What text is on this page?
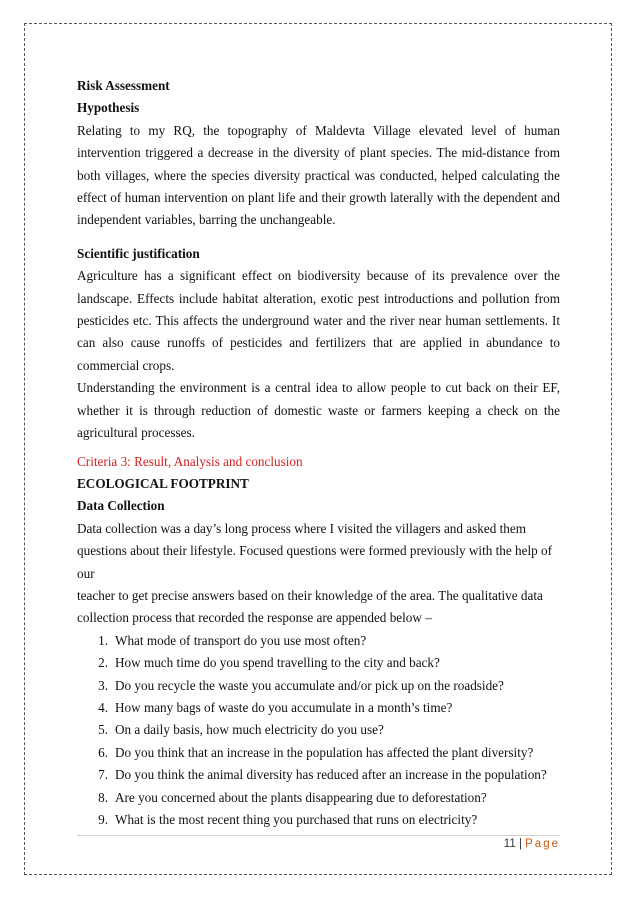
Risk Assessment

Hypothesis

Relating to my RQ, the topography of Maldevta Village elevated level of human intervention triggered a decrease in the diversity of plant species. The mid-distance from both villages, where the species diversity practical was conducted, helped calculating the effect of human intervention on plant life and their growth laterally with the dependent and independent variables, barring the unchangeable.

Scientific justification

Agriculture has a significant effect on biodiversity because of its prevalence over the landscape. Effects include habitat alteration, exotic pest introductions and pollution from pesticides etc. This affects the underground water and the river near human settlements. It can also cause runoffs of pesticides and fertilizers that are applied in abundance to commercial crops.

Understanding the environment is a central idea to allow people to cut back on their EF, whether it is through reduction of domestic waste or farmers keeping a check on the agricultural processes.

Criteria 3: Result, Analysis and conclusion

ECOLOGICAL FOOTPRINT

Data Collection

Data collection was a day’s long process where I visited the villagers and asked them
questions about their lifestyle. Focused questions were formed previously with the help of our
teacher to get precise answers based on their knowledge of the area. The qualitative data
collection process that recorded the response are appended below –
1. What mode of transport do you use most often?
2. How much time do you spend travelling to the city and back?
3. Do you recycle the waste you accumulate and/or pick up on the roadside?
4. How many bags of waste do you accumulate in a month’s time?
5. On a daily basis, how much electricity do you use?
6. Do you think that an increase in the population has affected the plant diversity?
7. Do you think the animal diversity has reduced after an increase in the population?
8. Are you concerned about the plants disappearing due to deforestation?
9. What is the most recent thing you purchased that runs on electricity?
11 | Page
